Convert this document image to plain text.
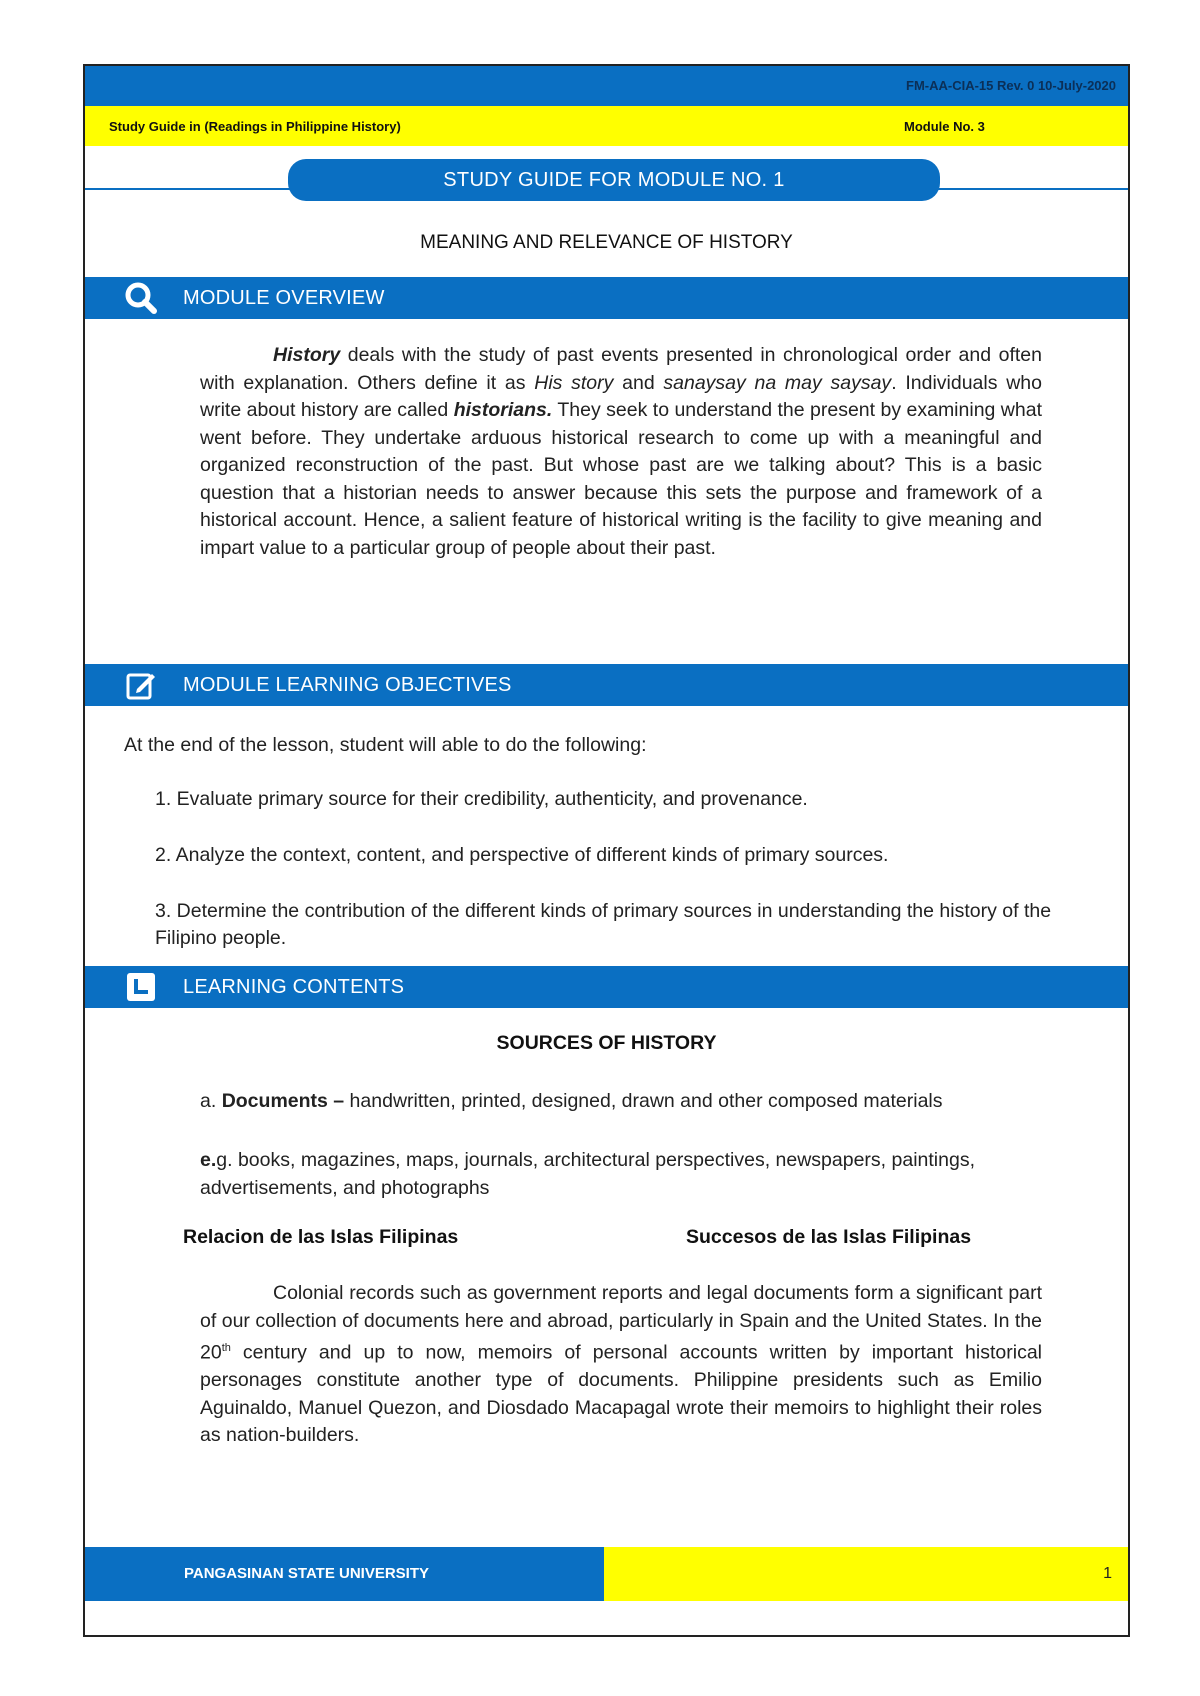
FM-AA-CIA-15 Rev. 0 10-July-2020
Study Guide in (Readings in Philippine History)	Module No. 3
STUDY GUIDE FOR MODULE NO. 1
MEANING AND RELEVANCE OF HISTORY
MODULE OVERVIEW

History deals with the study of past events presented in chronological order and often with explanation. Others define it as His story and sanaysay na may saysay. Individuals who write about history are called historians. They seek to understand the present by examining what went before. They undertake arduous historical research to come up with a meaningful and organized reconstruction of the past. But whose past are we talking about? This is a basic question that a historian needs to answer because this sets the purpose and framework of a historical account. Hence, a salient feature of historical writing is the facility to give meaning and impart value to a particular group of people about their past.

MODULE LEARNING OBJECTIVES
At the end of the lesson, student will able to do the following:
1. Evaluate primary source for their credibility, authenticity, and provenance.
2. Analyze the context, content, and perspective of different kinds of primary sources.
3. Determine the contribution of the different kinds of primary sources in understanding the history of the Filipino people.
LEARNING CONTENTS
SOURCES OF HISTORY

a. Documents – handwritten, printed, designed, drawn and other composed materials

e.g. books, magazines, maps, journals, architectural perspectives, newspapers, paintings, advertisements, and photographs

Relacion de las Islas Filipinas	Succesos de las Islas Filipinas

Colonial records such as government reports and legal documents form a significant part of our collection of documents here and abroad, particularly in Spain and the United States. In the 20th century and up to now, memoirs of personal accounts written by important historical personages constitute another type of documents. Philippine presidents such as Emilio Aguinaldo, Manuel Quezon, and Diosdado Macapagal wrote their memoirs to highlight their roles as nation-builders.

PANGASINAN STATE UNIVERSITY	1
